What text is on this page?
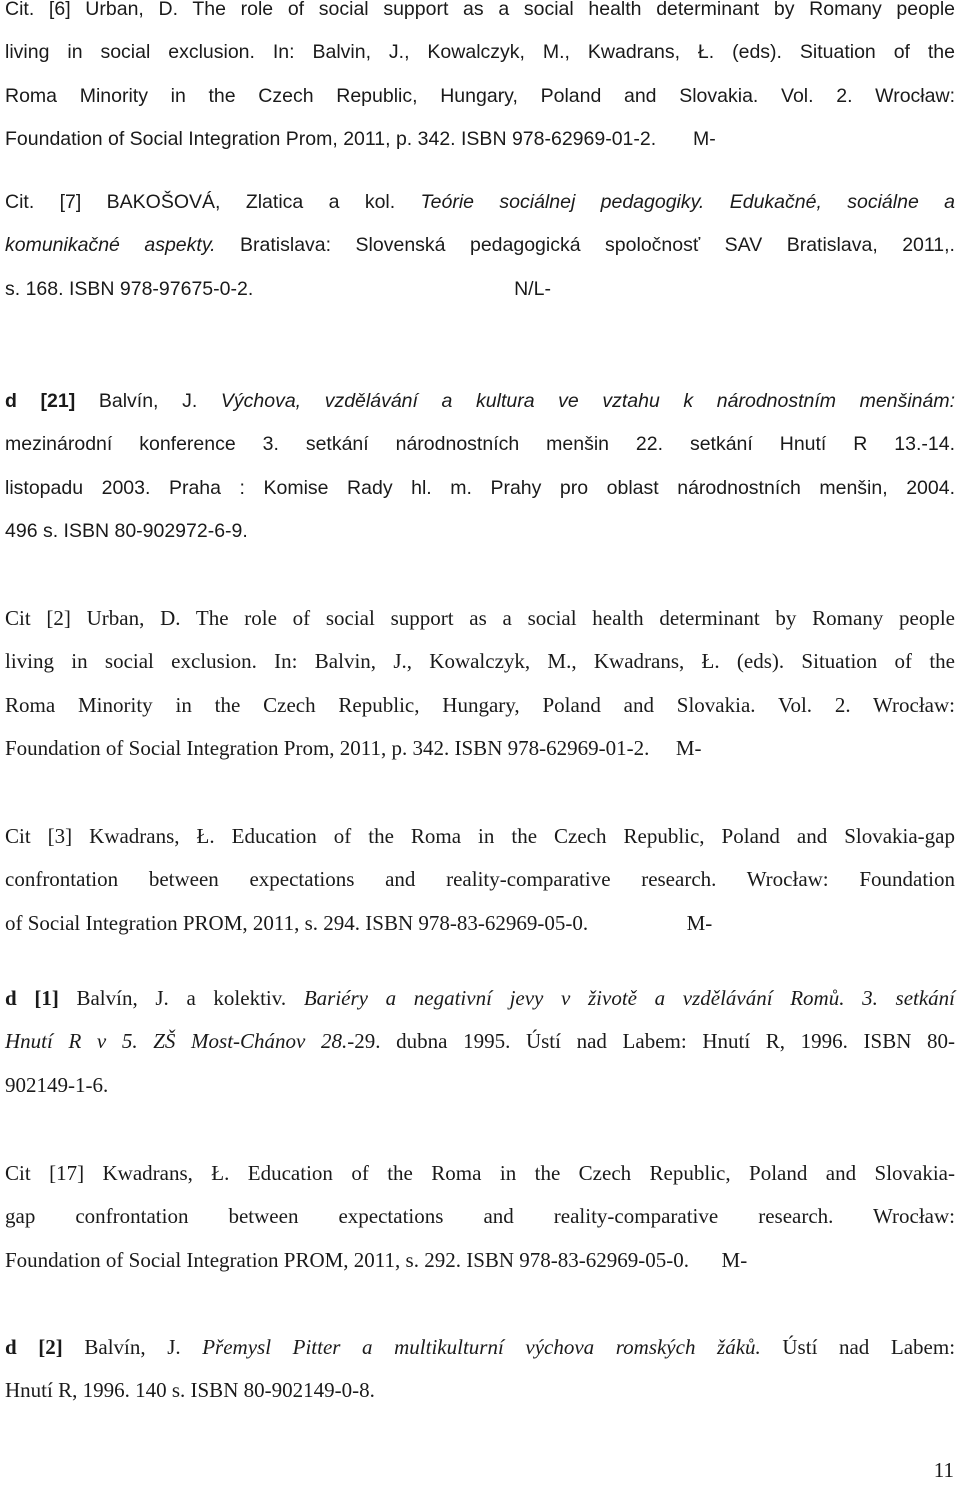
Cit. [6] Urban, D. The role of social support as a social health determinant by Romany people
living in social exclusion. In: Balvin, J., Kowalczyk, M., Kwadrans, Ł. (eds). Situation of the
Roma Minority in the Czech Republic, Hungary, Poland and Slovakia. Vol. 2. Wrocław:
Foundation of Social Integration Prom, 2011, p. 342. ISBN 978-62969-01-2. M-
Cit. [7] BAKOŠOVÁ, Zlatica a kol. Teórie sociálnej pedagogiky. Edukačné, sociálne a
komunikačné aspekty. Bratislava: Slovenská pedagogická spoločnosť SAV Bratislava, 2011,.
s. 168. ISBN 978-97675-0-2.	N/L-
d [21] Balvín, J. Výchova, vzdělávání a kultura ve vztahu k národnostním menšinám:
mezinárodní konference 3. setkání národnostních menšin 22. setkání Hnutí R 13.-14.
listopadu 2003. Praha : Komise Rady hl. m. Prahy pro oblast národnostních menšin, 2004.
496 s. ISBN 80-902972-6-9.
Cit [2] Urban, D. The role of social support as a social health determinant by Romany people
living in social exclusion. In: Balvin, J., Kowalczyk, M., Kwadrans, Ł. (eds). Situation of the
Roma Minority in the Czech Republic, Hungary, Poland and Slovakia. Vol. 2. Wrocław:
Foundation of Social Integration Prom, 2011, p. 342. ISBN 978-62969-01-2. M-
Cit [3] Kwadrans, Ł. Education of the Roma in the Czech Republic, Poland and Slovakia-gap
confrontation between expectations and reality-comparative research. Wrocław: Foundation
of Social Integration PROM, 2011, s. 294. ISBN 978-83-62969-05-0.	M-
d [1] Balvín, J. a kolektiv. Bariéry a negativní jevy v životě a vzdělávání Romů. 3. setkání
Hnutí R v 5. ZŠ Most-Chánov 28.-29. dubna 1995. Ústí nad Labem: Hnutí R, 1996. ISBN 80-
902149-1-6.
Cit [17] Kwadrans, Ł. Education of the Roma in the Czech Republic, Poland and Slovakia-
gap confrontation between expectations and reality-comparative research. Wrocław:
Foundation of Social Integration PROM, 2011, s. 292. ISBN 978-83-62969-05-0. M-
d [2] Balvín, J. Přemysl Pitter a multikulturní výchova romských žáků. Ústí nad Labem:
Hnutí R, 1996. 140 s. ISBN 80-902149-0-8.
11
